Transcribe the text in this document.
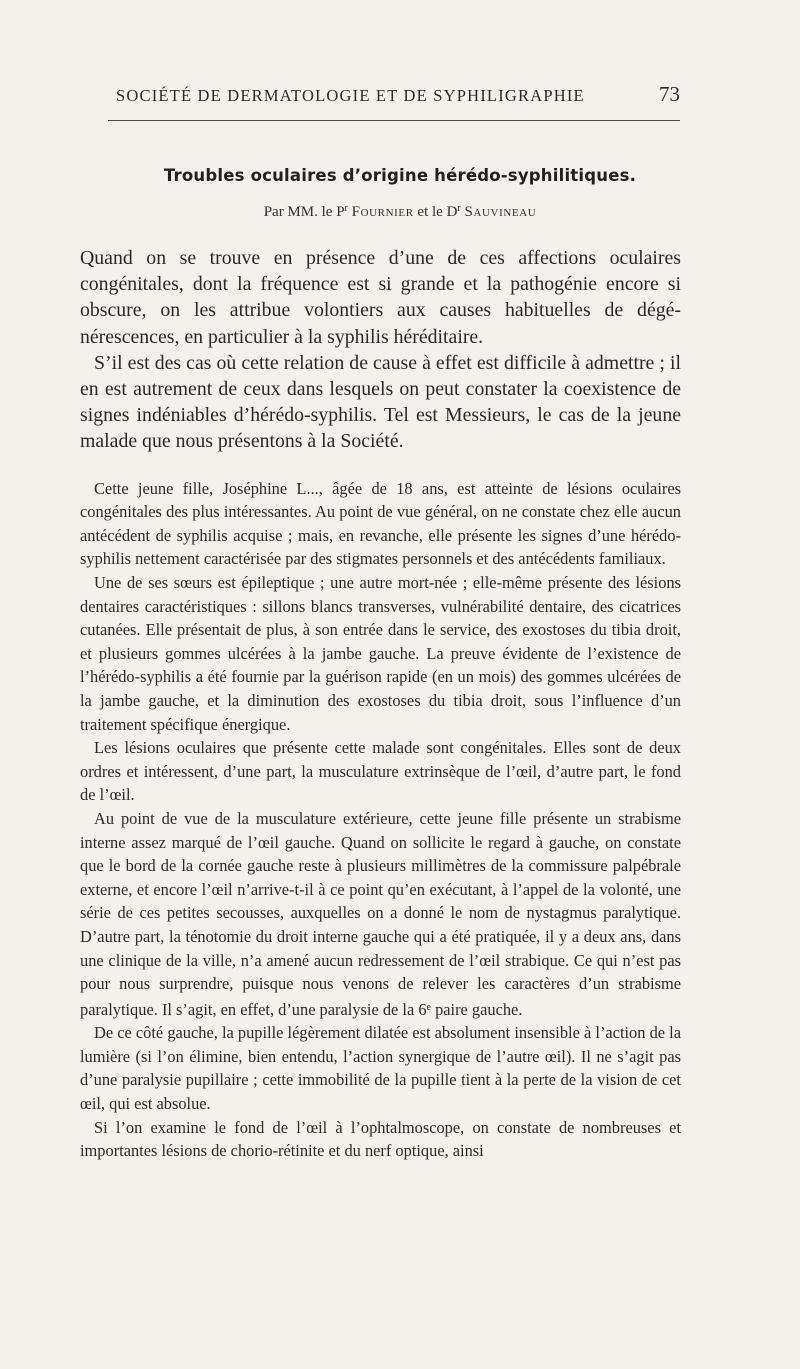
SOCIÉTÉ DE DERMATOLOGIE ET DE SYPHILIGRAPHIE	73
Troubles oculaires d’origine hérédo-syphilitiques.
Par MM. le $P^r$ Fournier et le $D^r$ Sauvineau

Quand on se trouve en présence d’une de ces affections oculaires congénitales, dont la fréquence est si grande et la pathogénie encore si obscure, on les attribue volontiers aux causes habituelles de dégénérescences, en particulier à la syphilis héréditaire.

S’il est des cas où cette relation de cause à effet est difficile à admettre ; il en est autrement de ceux dans lesquels on peut constater la coexistence de signes indéniables d’hérédo-syphilis. Tel est Messieurs, le cas de la jeune malade que nous présentons à la Société.

Cette jeune fille, Joséphine L..., âgée de 18 ans, est atteinte de lésions oculaires congénitales des plus intéressantes. Au point de vue général, on ne constate chez elle aucun antécédent de syphilis acquise ; mais, en revanche, elle présente les signes d’une hérédo-syphilis nettement caractérisée par des stigmates personnels et des antécédents familiaux.

Une de ses sœurs est épileptique ; une autre mort-née ; elle-même présente des lésions dentaires caractéristiques : sillons blancs transverses, vulnérabilité dentaire, des cicatrices cutanées. Elle présentait de plus, à son entrée dans le service, des exostoses du tibia droit, et plusieurs gommes ulcérées à la jambe gauche. La preuve évidente de l’existence de l’hérédo-syphilis a été fournie par la guérison rapide (en un mois) des gommes ulcérées de la jambe gauche, et la diminution des exostoses du tibia droit, sous l’influence d’un traitement spécifique énergique.

Les lésions oculaires que présente cette malade sont congénitales. Elles sont de deux ordres et intéressent, d’une part, la musculature extrinsèque de l’œil, d’autre part, le fond de l’œil.

Au point de vue de la musculature extérieure, cette jeune fille présente un strabisme interne assez marqué de l’œil gauche. Quand on sollicite le regard à gauche, on constate que le bord de la cornée gauche reste à plusieurs millimètres de la commissure palpébrale externe, et encore l’œil n’arrive-t-il à ce point qu’en exécutant, à l’appel de la volonté, une série de ces petites secousses, auxquelles on a donné le nom de nystagmus paralytique. D’autre part, la ténotomie du droit interne gauche qui a été pratiquée, il y a deux ans, dans une clinique de la ville, n’a amené aucun redressement de l’œil strabique. Ce qui n’est pas pour nous surprendre, puisque nous venons de relever les caractères d’un strabisme paralytique. Il s’agit, en effet, d’une paralysie de la 6e paire gauche.

De ce côté gauche, la pupille légèrement dilatée est absolument insensible à l’action de la lumière (si l’on élimine, bien entendu, l’action synergique de l’autre œil). Il ne s’agit pas d’une paralysie pupillaire ; cette immobilité de la pupille tient à la perte de la vision de cet œil, qui est absolue.

Si l’on examine le fond de l’œil à l’ophtalmoscope, on constate de nombreuses et importantes lésions de chorio-rétinite et du nerf optique, ainsi
